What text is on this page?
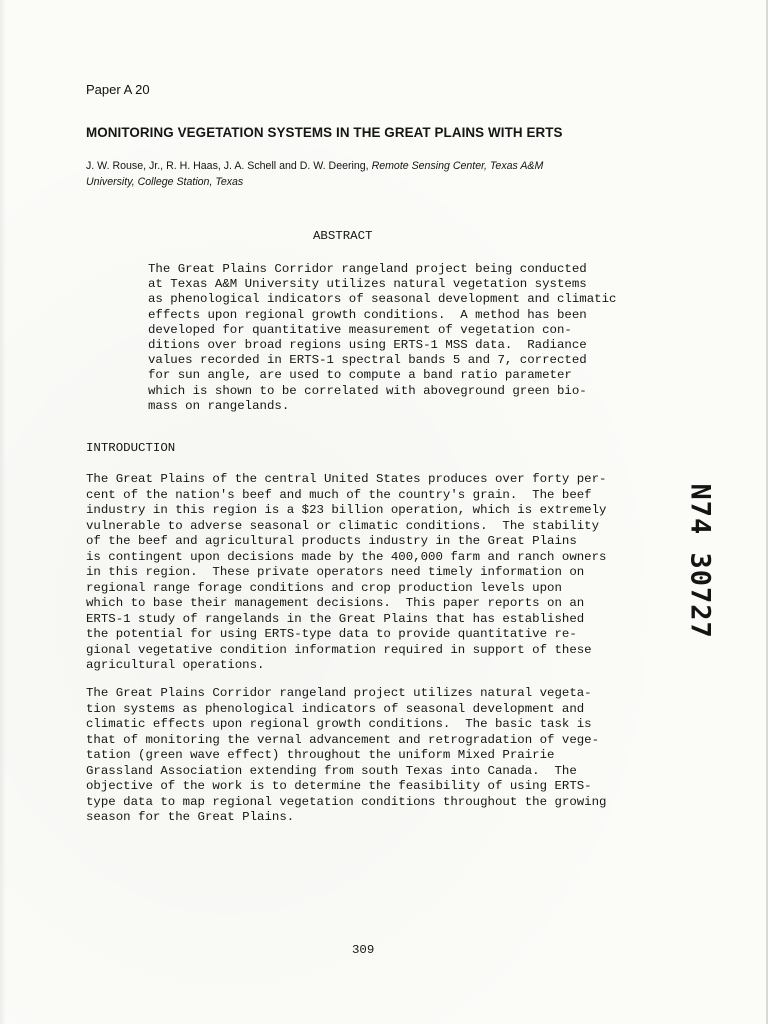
Paper A 20
MONITORING VEGETATION SYSTEMS IN THE GREAT PLAINS WITH ERTS
J. W. Rouse, Jr., R. H. Haas, J. A. Schell and D. W. Deering, Remote Sensing Center, Texas A&M
University, College Station, Texas
ABSTRACT

The Great Plains Corridor rangeland project being conducted
at Texas A&M University utilizes natural vegetation systems
as phenological indicators of seasonal development and climatic
effects upon regional growth conditions.  A method has been
developed for quantitative measurement of vegetation con-
ditions over broad regions using ERTS-1 MSS data.  Radiance
values recorded in ERTS-1 spectral bands 5 and 7, corrected
for sun angle, are used to compute a band ratio parameter
which is shown to be correlated with aboveground green bio-
mass on rangelands.

INTRODUCTION

The Great Plains of the central United States produces over forty per-
cent of the nation's beef and much of the country's grain.  The beef
industry in this region is a $23 billion operation, which is extremely
vulnerable to adverse seasonal or climatic conditions.  The stability
of the beef and agricultural products industry in the Great Plains
is contingent upon decisions made by the 400,000 farm and ranch owners
in this region.  These private operators need timely information on
regional range forage conditions and crop production levels upon
which to base their management decisions.  This paper reports on an
ERTS-1 study of rangelands in the Great Plains that has established
the potential for using ERTS-type data to provide quantitative re-
gional vegetative condition information required in support of these
agricultural operations.

The Great Plains Corridor rangeland project utilizes natural vegeta-
tion systems as phenological indicators of seasonal development and
climatic effects upon regional growth conditions.  The basic task is
that of monitoring the vernal advancement and retrogradation of vege-
tation (green wave effect) throughout the uniform Mixed Prairie
Grassland Association extending from south Texas into Canada.  The
objective of the work is to determine the feasibility of using ERTS-
type data to map regional vegetation conditions throughout the growing
season for the Great Plains.

N74 30727
309
